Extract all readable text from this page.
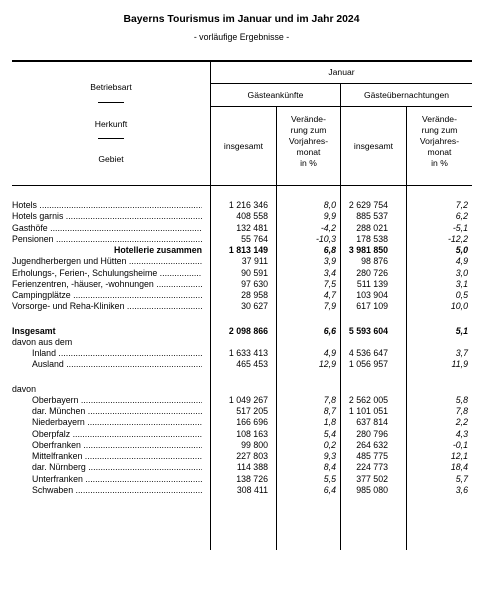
Bayerns Tourismus im Januar und im Jahr 2024
- vorläufige Ergebnisse -
Betriebsart
Herkunft
Gebiet
Januar
Gästeankünfte	Gästeübernachtungen
insgesamt
Verände-
rung zum
Vorjahres-
monat
in %
insgesamt
Verände-
rung zum
Vorjahres-
monat
in %
Hotels .....	1 216 346	8,0	2 629 754	7,2
Hotels garnis .....	408 558	9,9	885 537	6,2
Gasthöfe .....	132 481	-4,2	288 021	-5,1
Pensionen .....	55 764	-10,3	178 538	-12,2
Hotellerie zusammen	1 813 149	6,8	3 981 850	5,0
Jugendherbergen und Hütten .....	37 911	3,9	98 876	4,9
Erholungs-, Ferien-, Schulungsheime .....	90 591	3,4	280 726	3,0
Ferienzentren, -häuser, -wohnungen .....	97 630	7,5	511 139	3,1
Campingplätze .....	28 958	4,7	103 904	0,5
Vorsorge- und Reha-Kliniken .....	30 627	7,9	617 109	10,0
Insgesamt	2 098 866	6,6	5 593 604	5,1
davon aus dem
Inland .....	1 633 413	4,9	4 536 647	3,7
Ausland .....	465 453	12,9	1 056 957	11,9
davon
Oberbayern .....	1 049 267	7,8	2 562 005	5,8
dar. München .....	517 205	8,7	1 101 051	7,8
Niederbayern .....	166 696	1,8	637 814	2,2
Oberpfalz .....	108 163	5,4	280 796	4,3
Oberfranken .....	99 800	0,2	264 632	-0,1
Mittelfranken .....	227 803	9,3	485 775	12,1
dar. Nürnberg .....	114 388	8,4	224 773	18,4
Unterfranken .....	138 726	5,5	377 502	5,7
Schwaben .....	308 411	6,4	985 080	3,6
